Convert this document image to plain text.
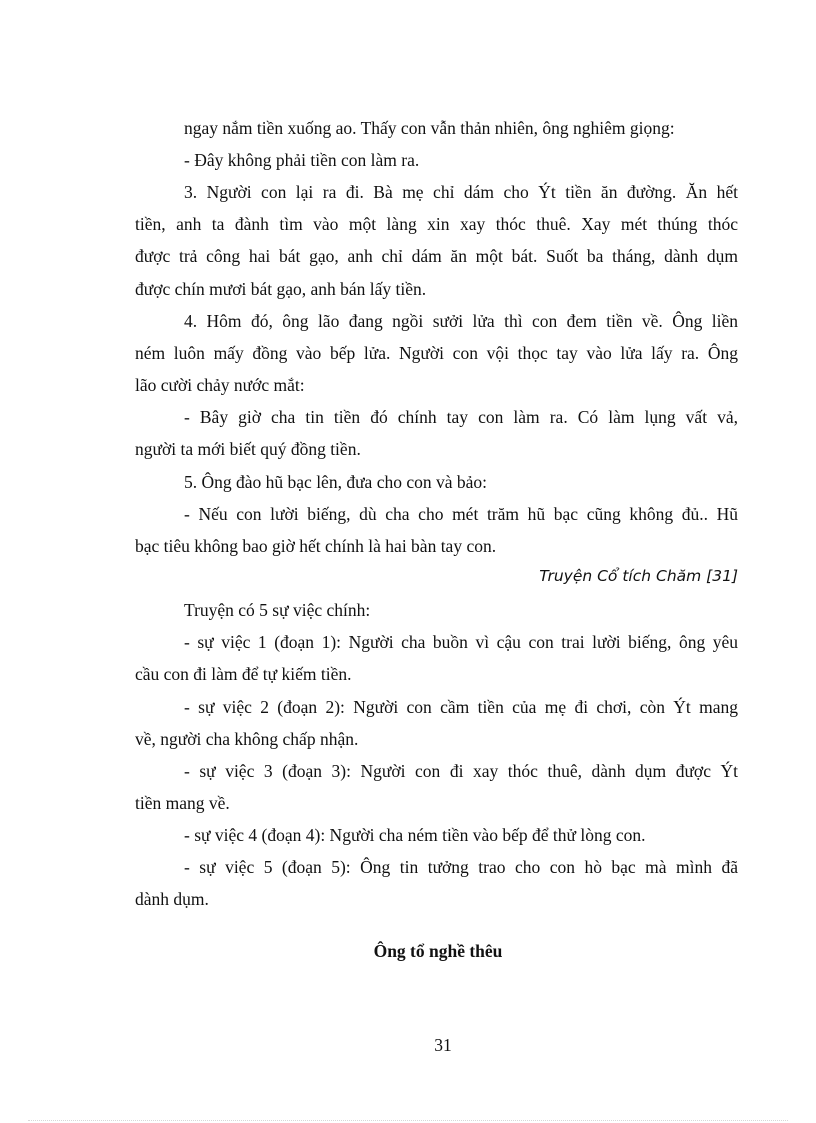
ngay nắm tiền xuống ao. Thấy con vẫn thản nhiên, ông nghiêm giọng:
- Đây không phải tiền con làm ra.
3. Người con lại ra đi. Bà mẹ chỉ dám cho Ýt tiền ăn đường. Ăn hết
tiền, anh ta đành tìm vào một làng xin xay thóc thuê. Xay mét thúng thóc
được trả công hai bát gạo, anh chỉ dám ăn một bát. Suốt ba tháng, dành dụm
được chín mươi bát gạo, anh bán lấy tiền.
4. Hôm đó, ông lão đang ngồi sưởi lửa thì con đem tiền về. Ông liền
ném luôn mấy đồng vào bếp lửa. Người con vội thọc tay vào lửa lấy ra. Ông
lão cười chảy nước mắt:
- Bây giờ cha tin tiền đó chính tay con làm ra. Có làm lụng vất vả,
người ta mới biết quý đồng tiền.
5. Ông đào hũ bạc lên, đưa cho con và bảo:
- Nếu con lười biếng, dù cha cho mét trăm hũ bạc cũng không đủ.. Hũ
bạc tiêu không bao giờ hết chính là hai bàn tay con.
Truyện Cổ tích Chăm [31]
Truyện có 5 sự việc chính:
- sự việc 1 (đoạn 1): Người cha buồn vì cậu con trai lười biếng, ông yêu
cầu con đi làm để tự kiếm tiền.
- sự việc 2 (đoạn 2): Người con cầm tiền của mẹ đi chơi, còn Ýt mang
về, người cha không chấp nhận.
- sự việc 3 (đoạn 3): Người con đi xay thóc thuê, dành dụm được Ýt
tiền mang về.
- sự việc 4 (đoạn 4): Người cha ném tiền vào bếp để thử lòng con.
- sự việc 5 (đoạn 5): Ông tin tưởng trao cho con hò bạc mà mình đã
dành dụm.
Ông tổ nghề thêu
31
